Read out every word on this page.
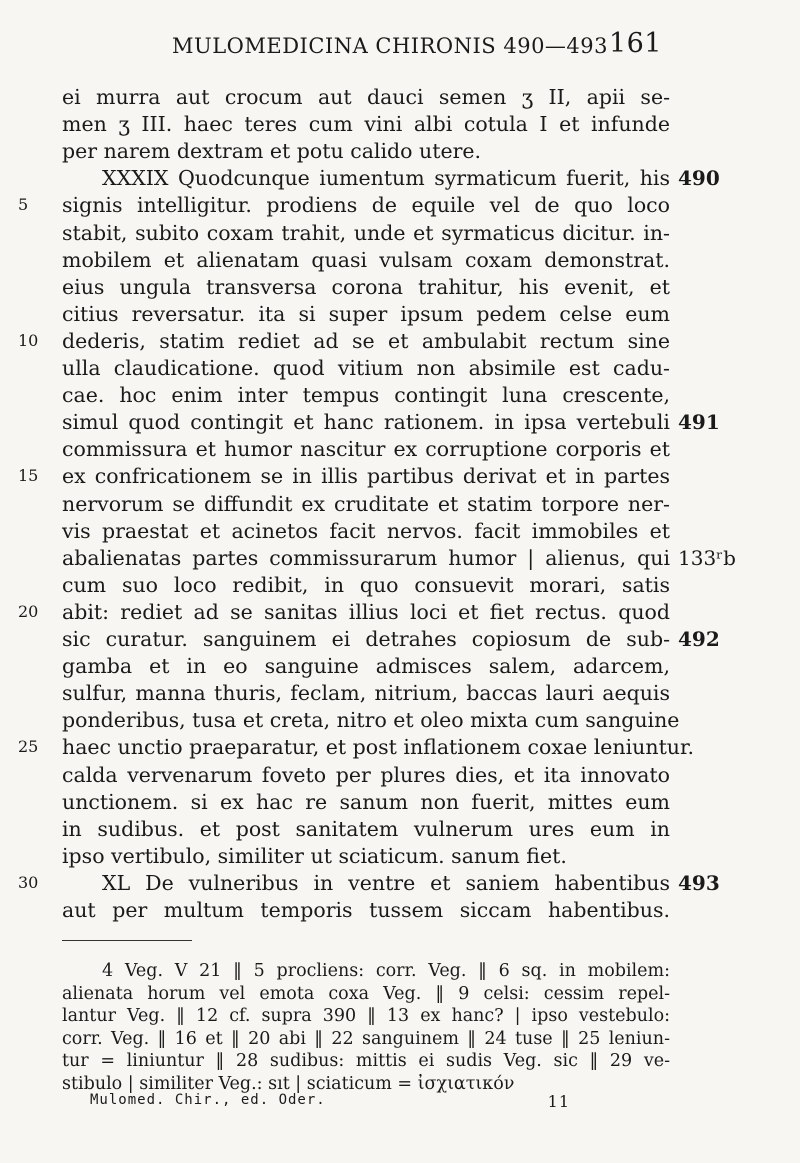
MULOMEDICINA CHIRONIS 490—493 161
ei murra aut crocum aut dauci semen ʒ II, apii se-
men ʒ III. haec teres cum vini albi cotula I et infunde
per narem dextram et potu calido utere.
XXXIX Quodcunque iumentum syrmaticum fuerit, his 490
signis intelligitur. prodiens de equile vel de quo loco
5
stabit, subito coxam trahit, unde et syrmaticus dicitur. in-
mobilem et alienatam quasi vulsam coxam demonstrat.
eius ungula transversa corona trahitur, his evenit, et
citius reversatur. ita si super ipsum pedem celse eum
dederis, statim rediet ad se et ambulabit rectum sine
10
ulla claudicatione. quod vitium non absimile est cadu-
cae. hoc enim inter tempus contingit luna crescente,
simul quod contingit et hanc rationem. in ipsa vertebuli 491
commissura et humor nascitur ex corruptione corporis et
ex confricationem se in illis partibus derivat et in partes
15
nervorum se diffundit ex cruditate et statim torpore ner-
vis praestat et acinetos facit nervos. facit immobiles et
abalienatas partes commissurarum humor | alienus, qui 133ʳb
cum suo loco redibit, in quo consuevit morari, satis
abit: rediet ad se sanitas illius loci et fiet rectus. quod
20
sic curatur. sanguinem ei detrahes copiosum de sub- 492
gamba et in eo sanguine admisces salem, adarcem,
sulfur, manna thuris, feclam, nitrium, baccas lauri aequis
ponderibus, tusa et creta, nitro et oleo mixta cum sanguine
haec unctio praeparatur, et post inflationem coxae leniuntur.
25
calda vervenarum foveto per plures dies, et ita innovato
unctionem. si ex hac re sanum non fuerit, mittes eum
in sudibus. et post sanitatem vulnerum ures eum in
ipso vertibulo, similiter ut sciaticum. sanum fiet.
XL De vulneribus in ventre et saniem habentibus
30	493
aut per multum temporis tussem siccam habentibus.
4 Veg. V 21 ‖ 5 procliens: corr. Veg. ‖ 6 sq. in mobilem:
alienata horum vel emota coxa Veg. ‖ 9 celsi: cessim repel-
lantur Veg. ‖ 12 cf. supra 390 ‖ 13 ex hanc? | ipso vestebulo:
corr. Veg. ‖ 16 et ‖ 20 abi ‖ 22 sanguinem ‖ 24 tuse ‖ 25 leniun-
tur = liniuntur ‖ 28 sudibus: mittis ei sudis Veg. sic ‖ 29 ve-
stibulo | similiter Veg.: sıt | sciaticum = ἰσχιατικόν
Mulomed. Chir., ed. Oder.	11
